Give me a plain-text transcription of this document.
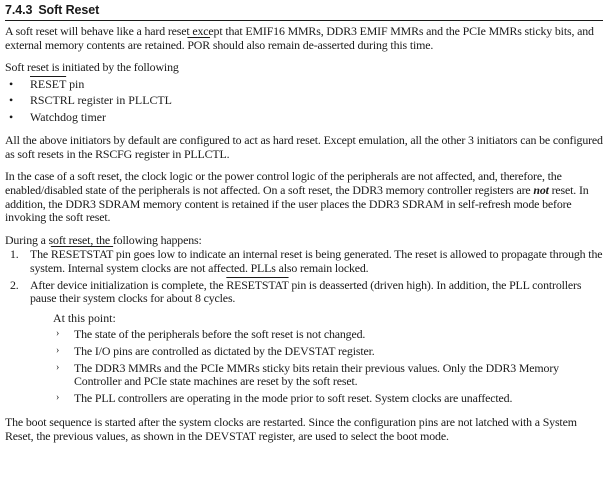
7.4.3 Soft Reset

A soft reset will behave like a hard reset except that EMIF16 MMRs, DDR3 EMIF MMRs and the PCIe MMRs sticky bits, and external memory contents are retained. $\overline{POR}$ should also remain de-asserted during this time.

Soft reset is initiated by the following

• RESET pin
• RSCTRL register in PLLCTL
• Watchdog timer

All the above initiators by default are configured to act as hard reset. Except emulation, all the other 3 initiators can be configured as soft resets in the RSCFG register in PLLCTL.

In the case of a soft reset, the clock logic or the power control logic of the peripherals are not affected, and, therefore, the enabled/disabled state of the peripherals is not affected. On a soft reset, the DDR3 memory controller registers are not reset. In addition, the DDR3 SDRAM memory content is retained if the user places the DDR3 SDRAM in self-refresh mode before invoking the soft reset.

During a soft reset, the following happens:

1. The RESETSTAT pin goes low to indicate an internal reset is being generated. The reset is allowed to propagate through the system. Internal system clocks are not affected. PLLs also remain locked.
2. After device initialization is complete, the RESETSTAT pin is deasserted (driven high). In addition, the PLL controllers pause their system clocks for about 8 cycles.
At this point:
› The state of the peripherals before the soft reset is not changed.
› The I/O pins are controlled as dictated by the DEVSTAT register.
› The DDR3 MMRs and the PCIe MMRs sticky bits retain their previous values. Only the DDR3 Memory Controller and PCIe state machines are reset by the soft reset.
› The PLL controllers are operating in the mode prior to soft reset. System clocks are unaffected.

The boot sequence is started after the system clocks are restarted. Since the configuration pins are not latched with a System Reset, the previous values, as shown in the DEVSTAT register, are used to select the boot mode.
